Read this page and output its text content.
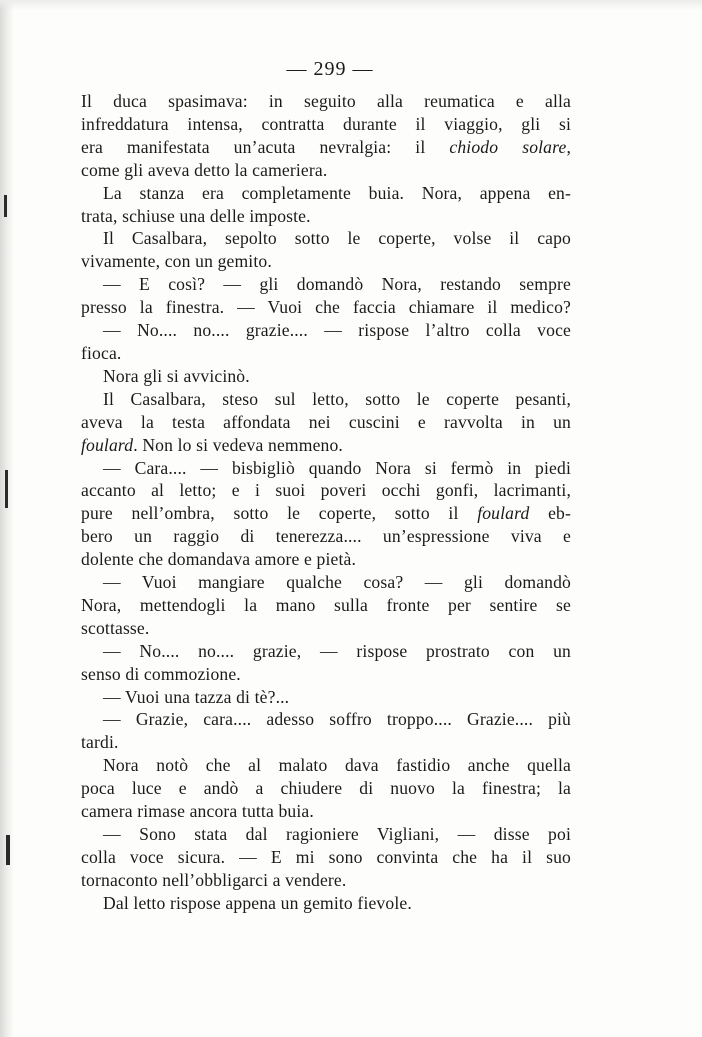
— 299 —
Il duca spasimava: in seguito alla reumatica e alla
infreddatura intensa, contratta durante il viaggio, gli si
era manifestata un’acuta nevralgia: il chiodo solare,
come gli aveva detto la cameriera.
La stanza era completamente buia. Nora, appena en-
trata, schiuse una delle imposte.
Il Casalbara, sepolto sotto le coperte, volse il capo
vivamente, con un gemito.
— E così? — gli domandò Nora, restando sempre
presso la finestra. — Vuoi che faccia chiamare il medico?
— No.... no.... grazie.... — rispose l’altro colla voce
fioca.
Nora gli si avvicinò.
Il Casalbara, steso sul letto, sotto le coperte pesanti,
aveva la testa affondata nei cuscini e ravvolta in un
foulard. Non lo si vedeva nemmeno.
— Cara.... — bisbigliò quando Nora si fermò in piedi
accanto al letto; e i suoi poveri occhi gonfi, lacrimanti,
pure nell’ombra, sotto le coperte, sotto il foulard eb-
bero un raggio di tenerezza.... un’espressione viva e
dolente che domandava amore e pietà.
— Vuoi mangiare qualche cosa? — gli domandò
Nora, mettendogli la mano sulla fronte per sentire se
scottasse.
— No.... no.... grazie, — rispose prostrato con un
senso di commozione.
— Vuoi una tazza di tè?...
— Grazie, cara.... adesso soffro troppo.... Grazie.... più
tardi.
Nora notò che al malato dava fastidio anche quella
poca luce e andò a chiudere di nuovo la finestra; la
camera rimase ancora tutta buia.
— Sono stata dal ragioniere Vigliani, — disse poi
colla voce sicura. — E mi sono convinta che ha il suo
tornaconto nell’obbligarci a vendere.
Dal letto rispose appena un gemito fievole.
